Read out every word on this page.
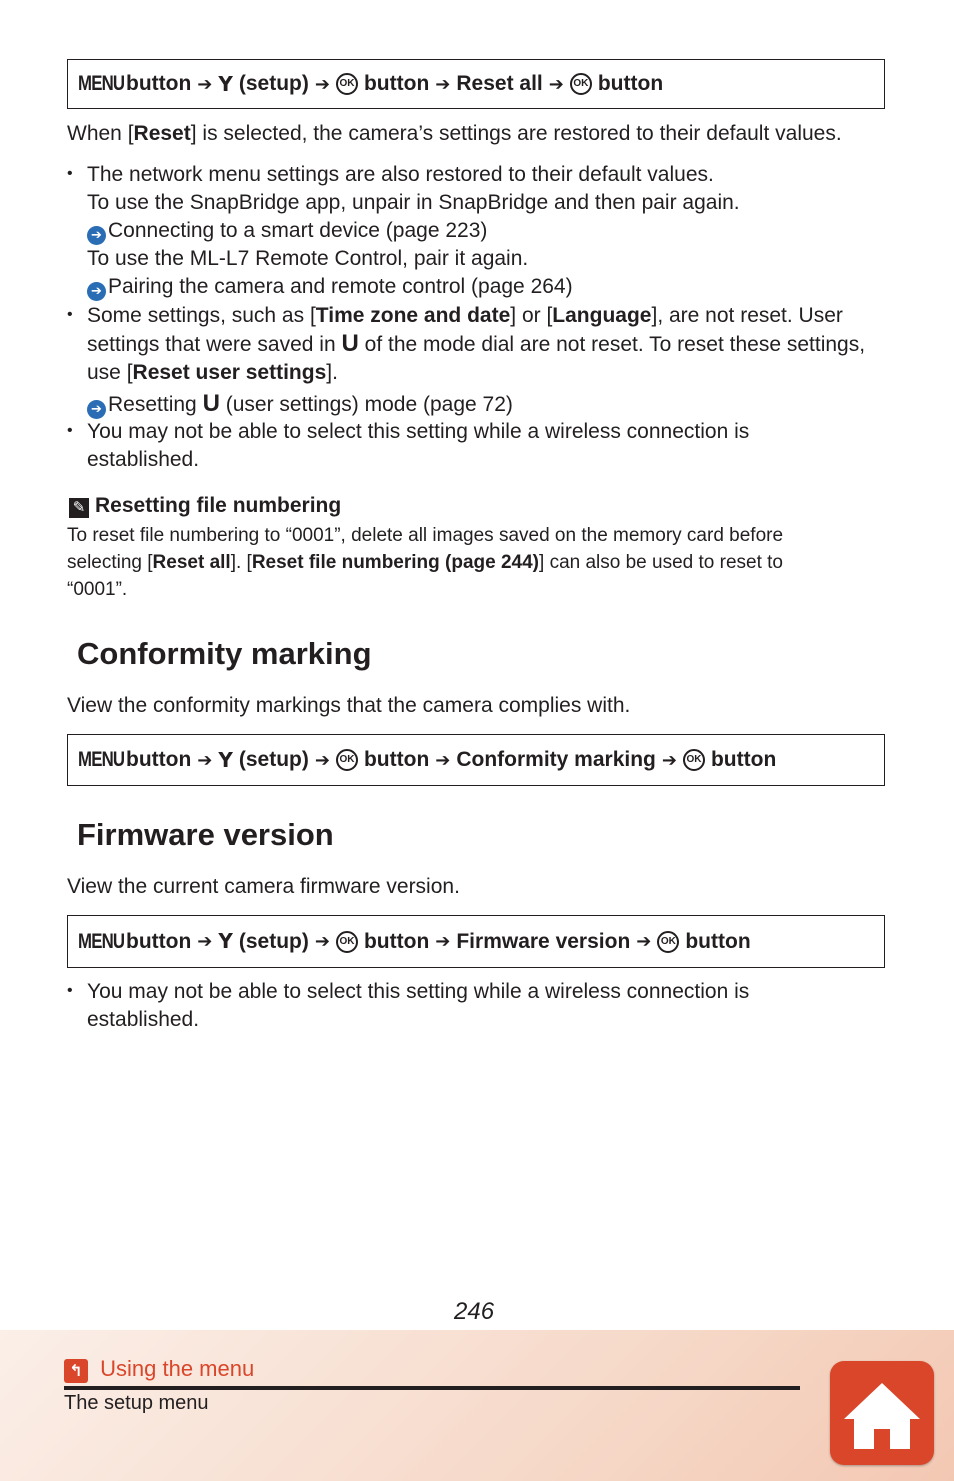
MENU button ➔ 𝗬 (setup) ➔ OK button ➔ Reset all ➔ OK button
When [Reset] is selected, the camera’s settings are restored to their default values.
• The network menu settings are also restored to their default values.
To use the SnapBridge app, unpair in SnapBridge and then pair again.
➔ Connecting to a smart device (page 223)
To use the ML-L7 Remote Control, pair it again.
➔ Pairing the camera and remote control (page 264)
• Some settings, such as [Time zone and date] or [Language], are not reset. User
settings that were saved in U of the mode dial are not reset. To reset these settings,
use [Reset user settings].
➔ Resetting U (user settings) mode (page 72)
• You may not be able to select this setting while a wireless connection is
established.
✎ Resetting file numbering
To reset file numbering to “0001”, delete all images saved on the memory card before
selecting [Reset all]. [Reset file numbering (page 244)] can also be used to reset to
“0001”.
Conformity marking
View the conformity markings that the camera complies with.
MENU button ➔ 𝗬 (setup) ➔ OK button ➔ Conformity marking ➔ OK button
Firmware version
View the current camera firmware version.
MENU button ➔ 𝗬 (setup) ➔ OK button ➔ Firmware version ➔ OK button
• You may not be able to select this setting while a wireless connection is
established.
246
↰ Using the menu
The setup menu
